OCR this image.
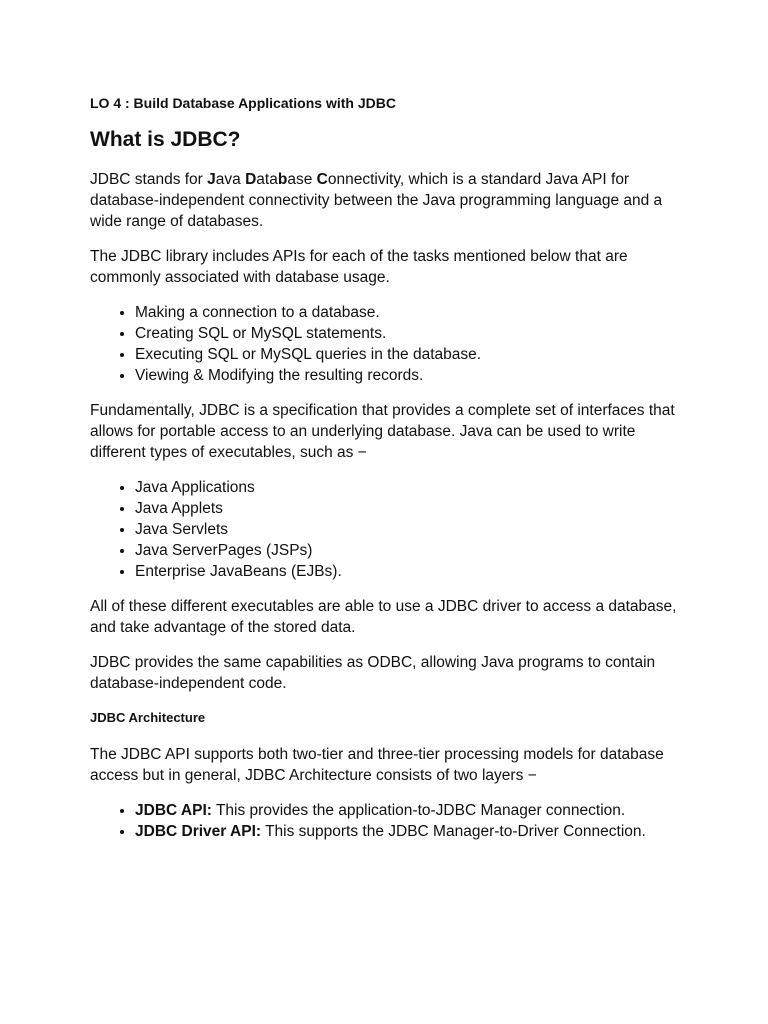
LO 4 : Build Database Applications with JDBC
What is JDBC?

JDBC stands for Java Database Connectivity, which is a standard Java API for database-independent connectivity between the Java programming language and a wide range of databases.

The JDBC library includes APIs for each of the tasks mentioned below that are commonly associated with database usage.

• Making a connection to a database.
• Creating SQL or MySQL statements.
• Executing SQL or MySQL queries in the database.
• Viewing & Modifying the resulting records.

Fundamentally, JDBC is a specification that provides a complete set of interfaces that allows for portable access to an underlying database. Java can be used to write different types of executables, such as −

• Java Applications
• Java Applets
• Java Servlets
• Java ServerPages (JSPs)
• Enterprise JavaBeans (EJBs).

All of these different executables are able to use a JDBC driver to access a database, and take advantage of the stored data.

JDBC provides the same capabilities as ODBC, allowing Java programs to contain database-independent code.

JDBC Architecture

The JDBC API supports both two-tier and three-tier processing models for database access but in general, JDBC Architecture consists of two layers −

• JDBC API: This provides the application-to-JDBC Manager connection.
• JDBC Driver API: This supports the JDBC Manager-to-Driver Connection.
